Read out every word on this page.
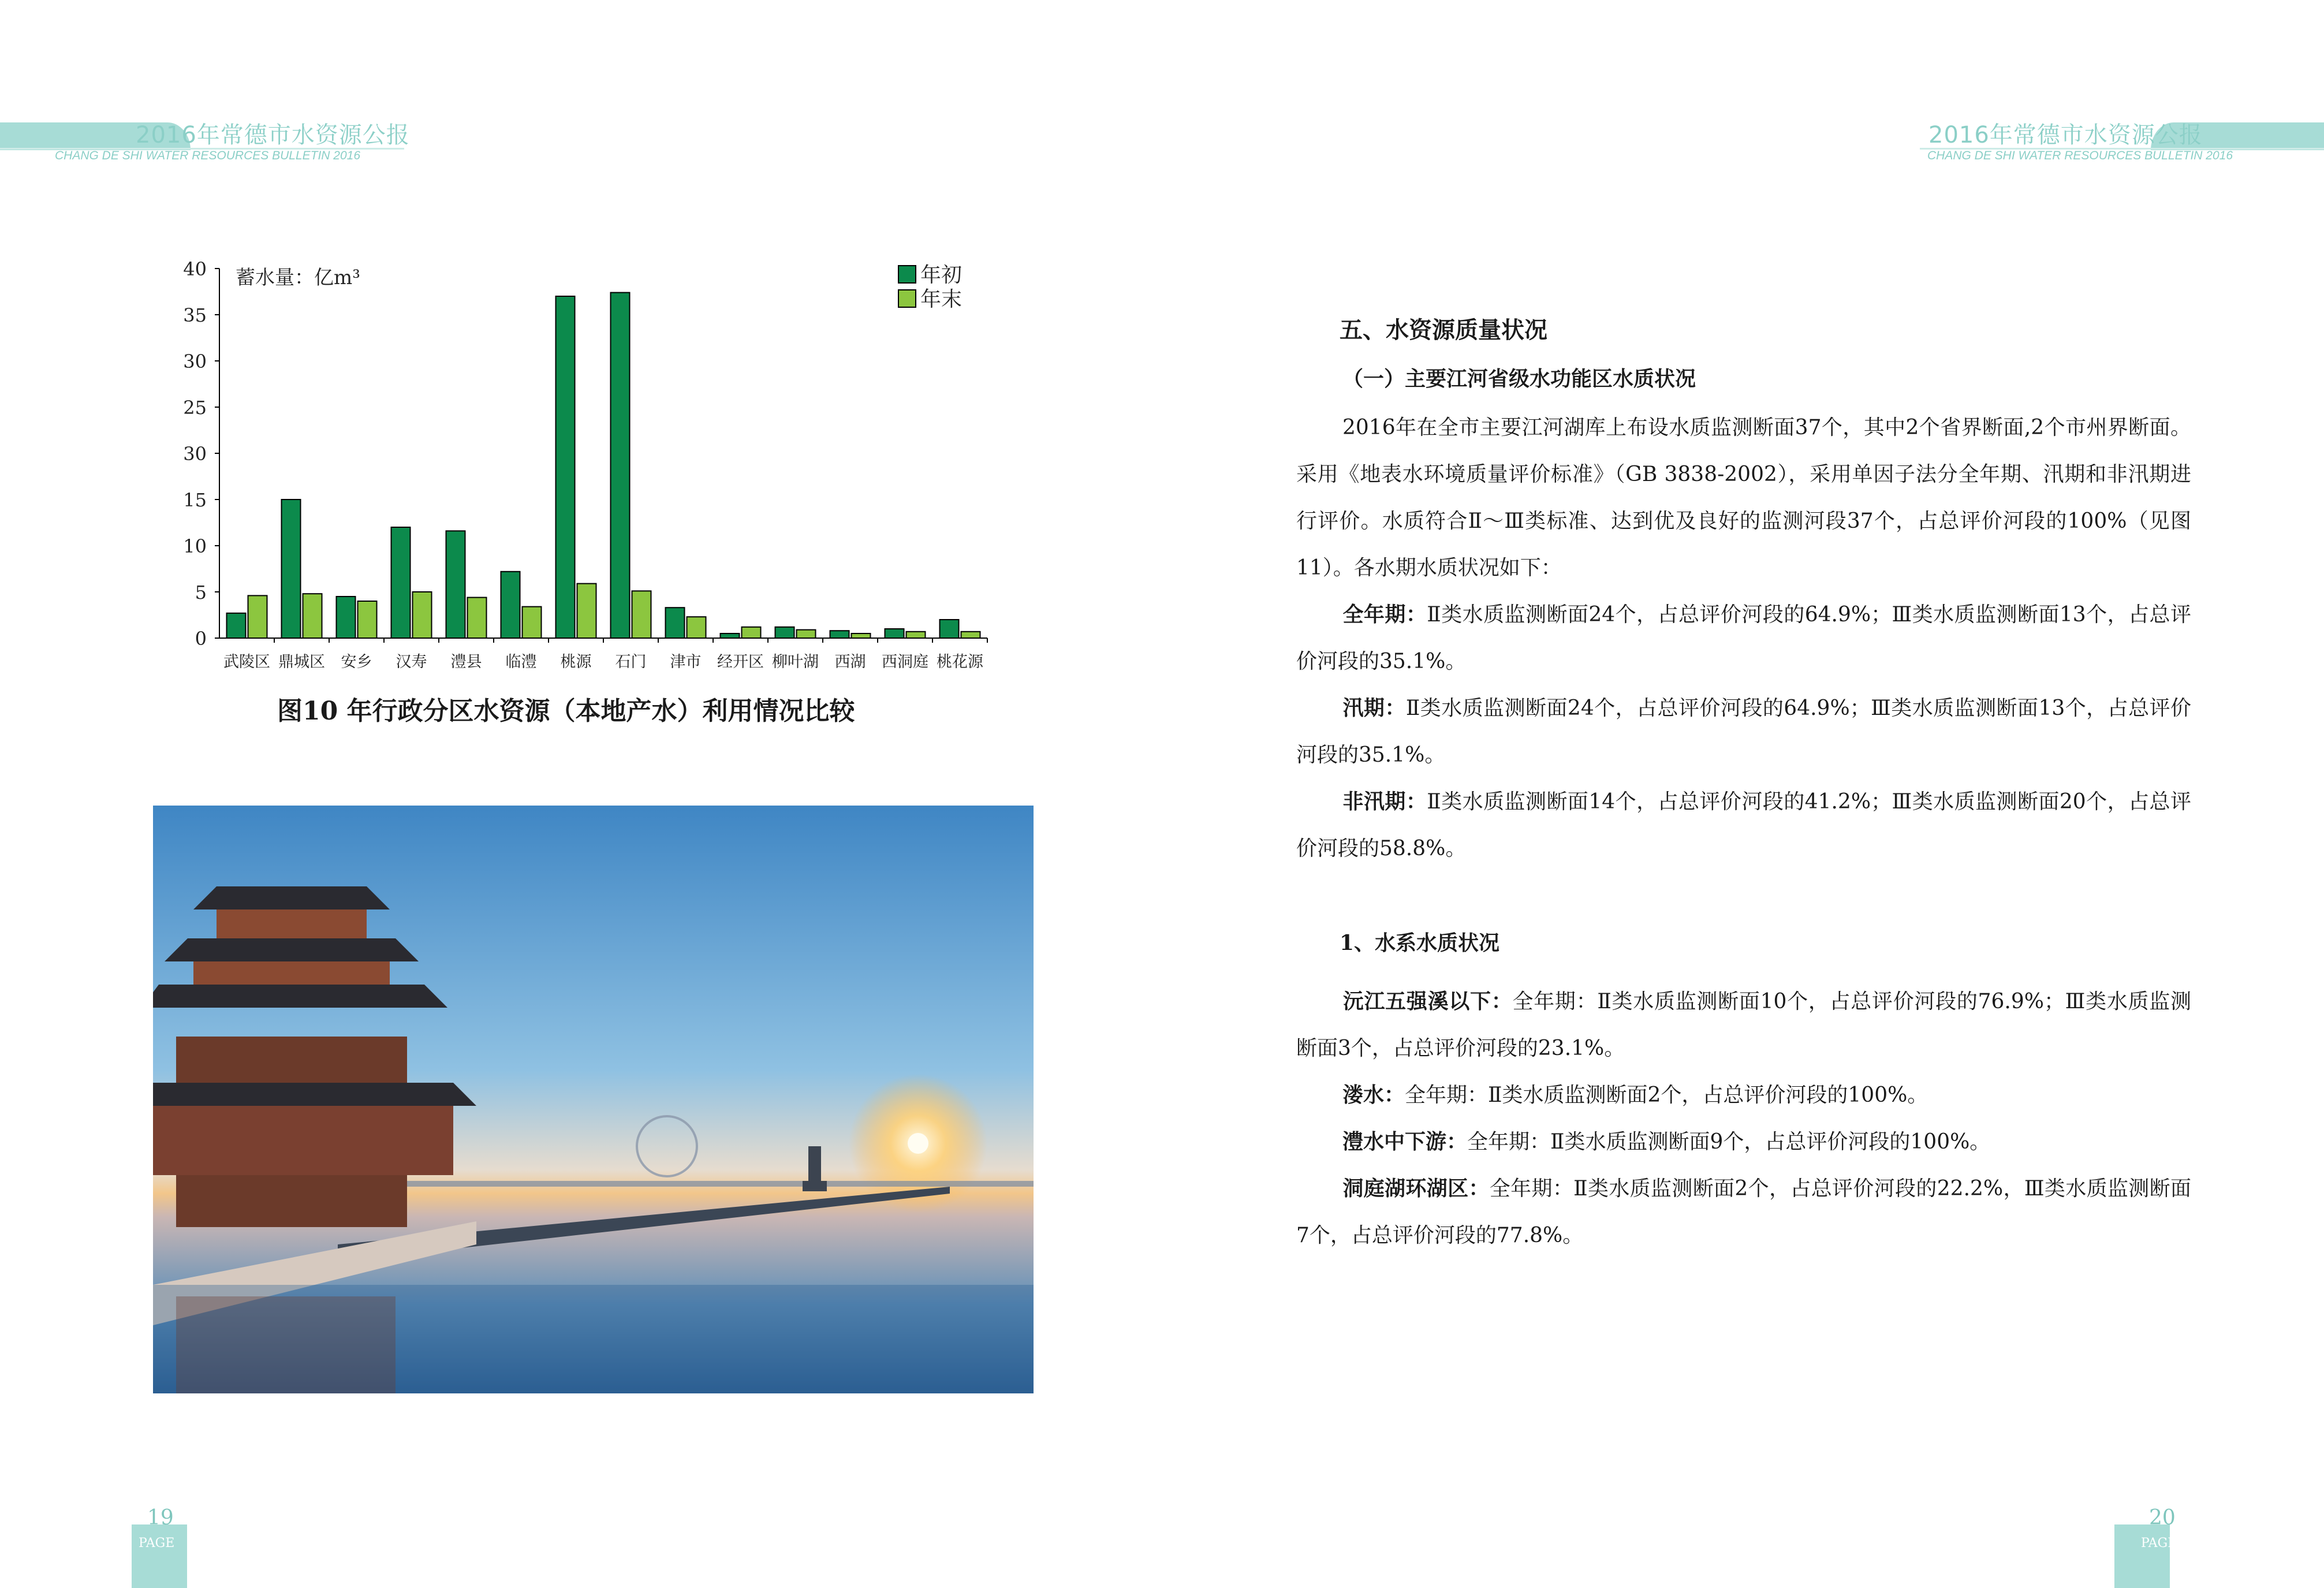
2016年常德市水资源公报
CHANG DE SHI WATER RESOURCES BULLETIN 2016
2016年常德市水资源公报
CHANG DE SHI WATER RESOURCES BULLETIN 2016
0
5
10
15
30
25
30
35
40 蓄水量：亿m³
武陵区 鼎城区 安乡 汉寿 澧县 临澧 桃源 石门 津市 经开区 柳叶湖 西湖 西洞庭 桃花源
年初
年末
图10 年行政分区水资源（本地产水）利用情况比较
五、水资源质量状况
（一）主要江河省级水功能区水质状况
2016年在全市主要江河湖库上布设水质监测断面37个，其中2个省界断面,2个市州界断面。采用《地表水环境质量评价标准》（GB 3838-2002），采用单因子法分全年期、汛期和非汛期进行评价。水质符合Ⅱ～Ⅲ类标准、达到优及良好的监测河段37个，占总评价河段的100%（见图11）。各水期水质状况如下：
全年期：Ⅱ类水质监测断面24个，占总评价河段的64.9%；Ⅲ类水质监测断面13个，占总评价河段的35.1%。
汛期：Ⅱ类水质监测断面24个，占总评价河段的64.9%；Ⅲ类水质监测断面13个，占总评价河段的35.1%。
非汛期：Ⅱ类水质监测断面14个，占总评价河段的41.2%；Ⅲ类水质监测断面20个，占总评价河段的58.8%。
1、水系水质状况
沅江五强溪以下：全年期：Ⅱ类水质监测断面10个，占总评价河段的76.9%；Ⅲ类水质监测断面3个，占总评价河段的23.1%。
溇水：全年期：Ⅱ类水质监测断面2个，占总评价河段的100%。
澧水中下游：全年期：Ⅱ类水质监测断面9个，占总评价河段的100%。
洞庭湖环湖区：全年期：Ⅱ类水质监测断面2个，占总评价河段的22.2%，Ⅲ类水质监测断面7个，占总评价河段的77.8%。
19	20
PAGE	PAGE
